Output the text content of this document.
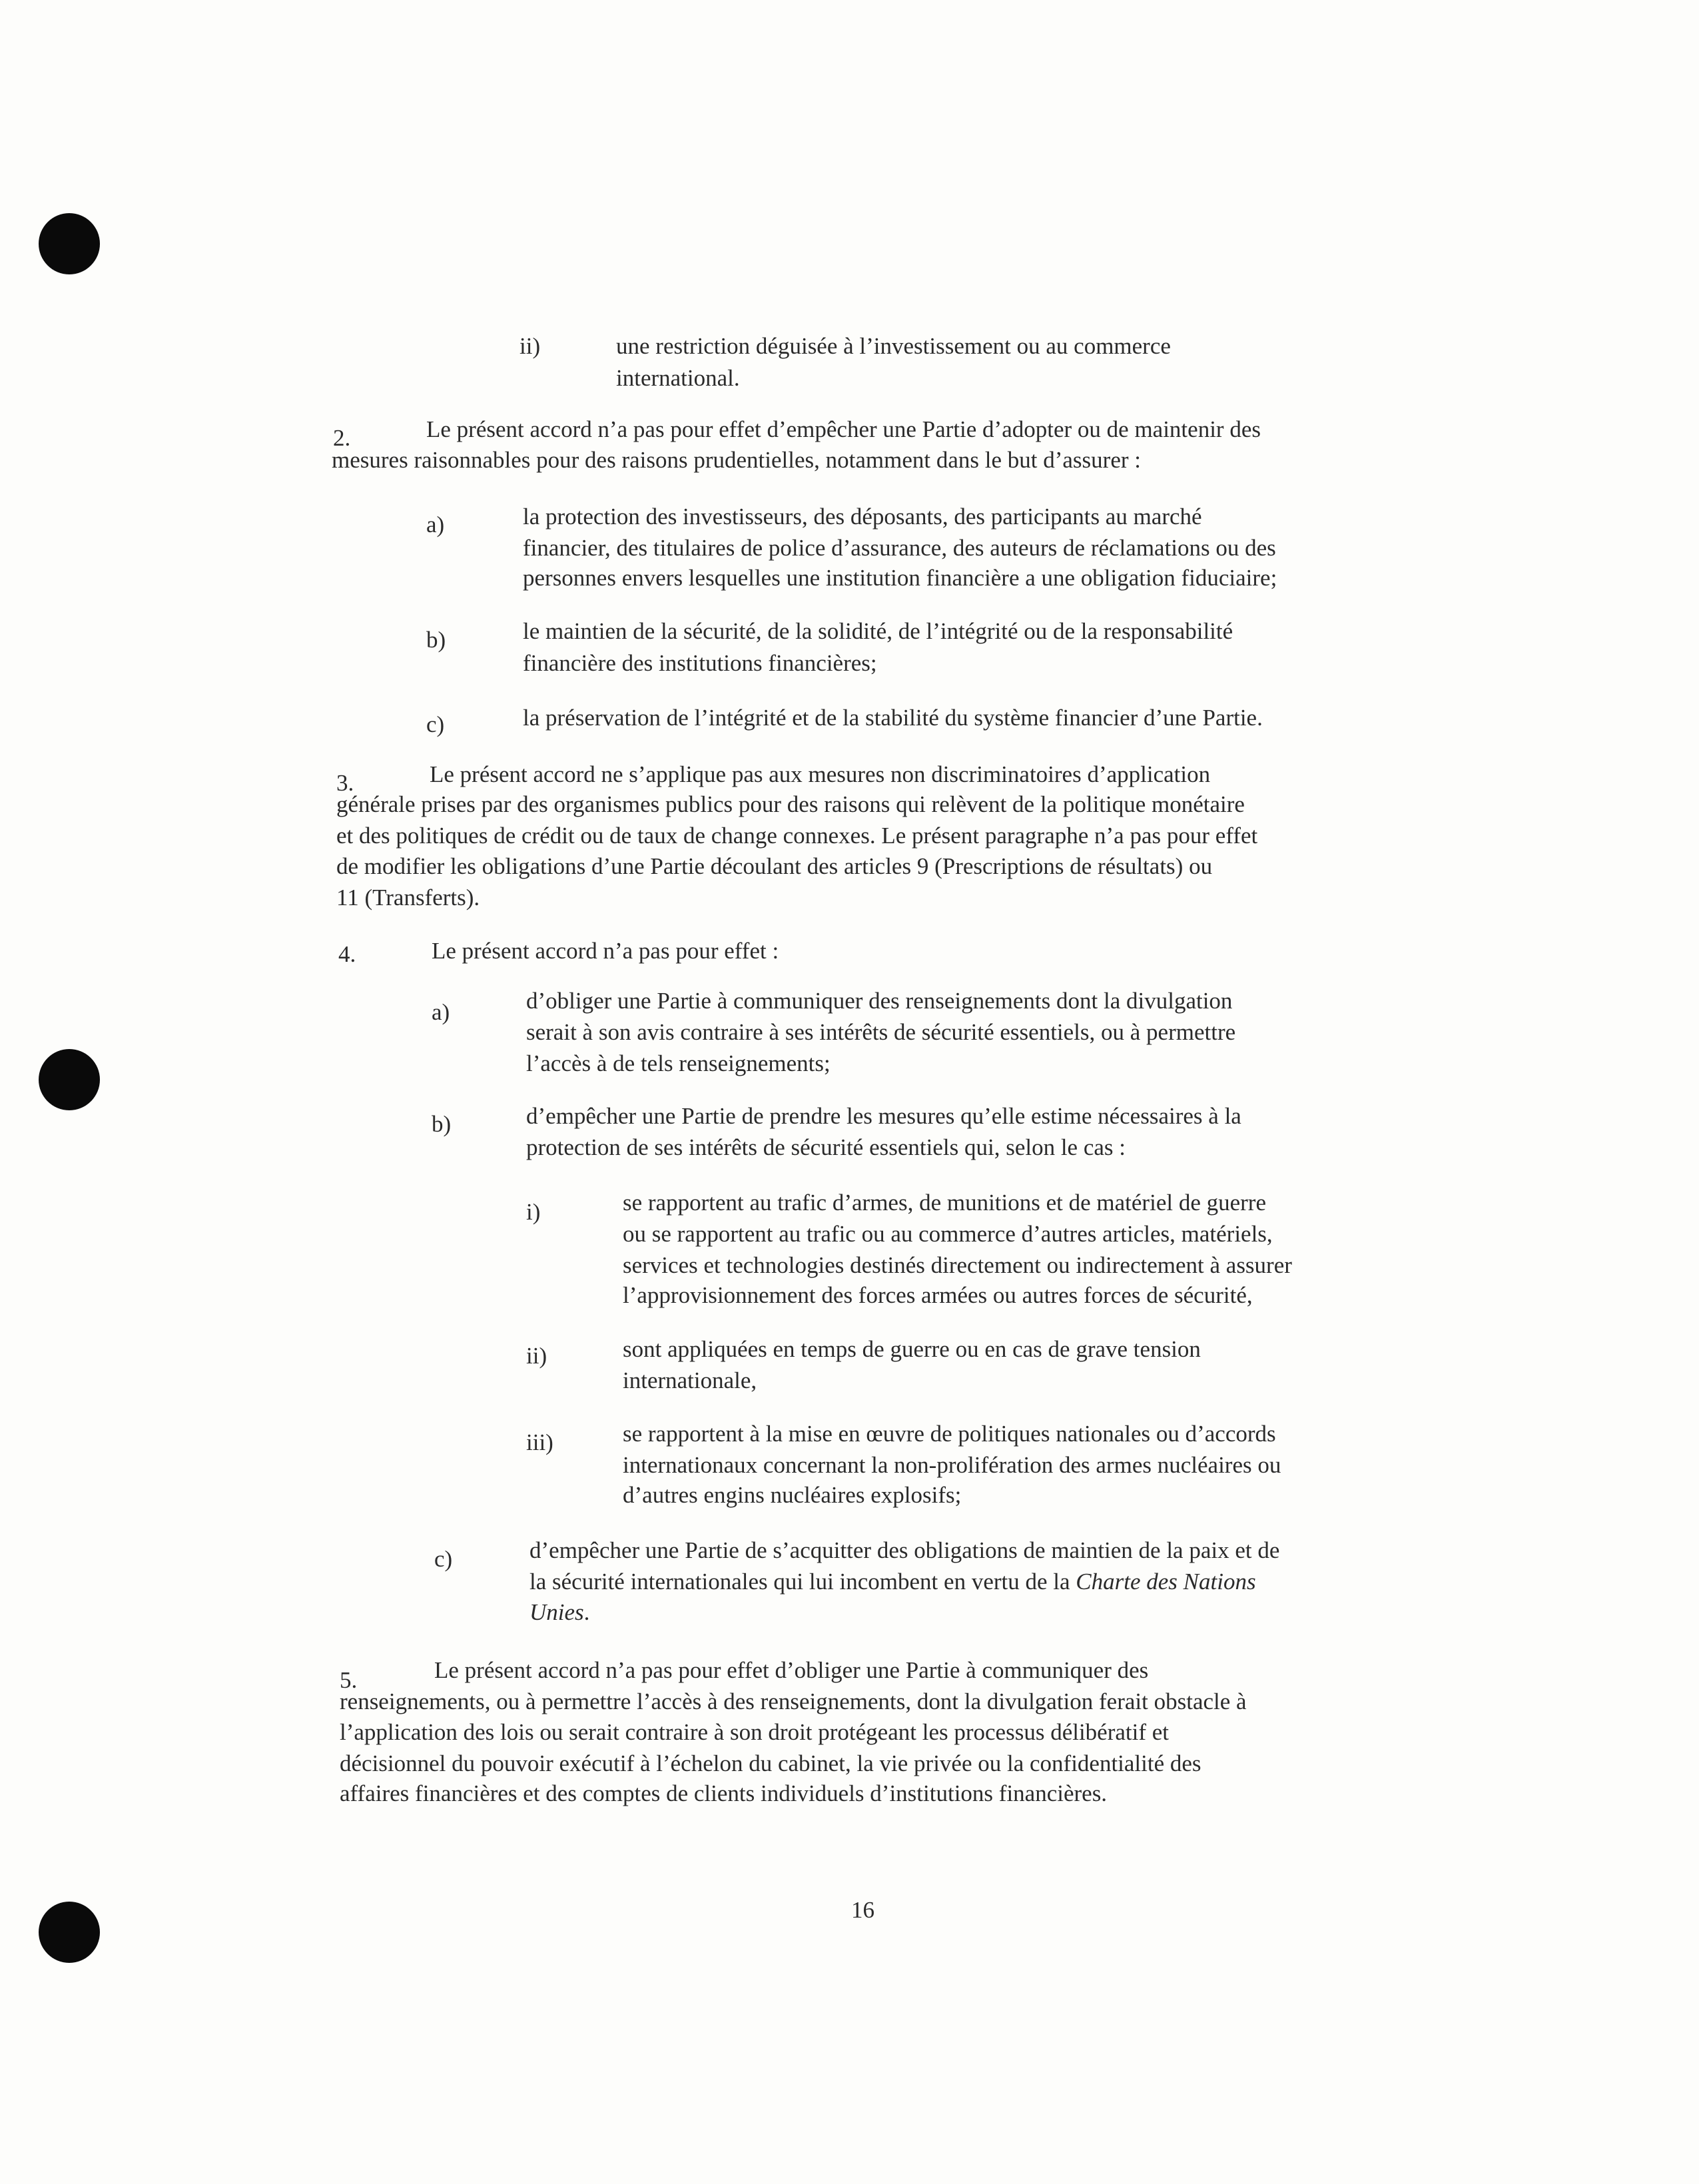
ii)	une restriction déguisée à l’investissement ou au commerce
international.
2.	Le présent accord n’a pas pour effet d’empêcher une Partie d’adopter ou de maintenir des
mesures raisonnables pour des raisons prudentielles, notamment dans le but d’assurer :
a)	la protection des investisseurs, des déposants, des participants au marché
financier, des titulaires de police d’assurance, des auteurs de réclamations ou des
personnes envers lesquelles une institution financière a une obligation fiduciaire;
b)	le maintien de la sécurité, de la solidité, de l’intégrité ou de la responsabilité
financière des institutions financières;
c)	la préservation de l’intégrité et de la stabilité du système financier d’une Partie.
3.	Le présent accord ne s’applique pas aux mesures non discriminatoires d’application
générale prises par des organismes publics pour des raisons qui relèvent de la politique monétaire
et des politiques de crédit ou de taux de change connexes. Le présent paragraphe n’a pas pour effet
de modifier les obligations d’une Partie découlant des articles 9 (Prescriptions de résultats) ou
11 (Transferts).
4.	Le présent accord n’a pas pour effet :
a)	d’obliger une Partie à communiquer des renseignements dont la divulgation
serait à son avis contraire à ses intérêts de sécurité essentiels, ou à permettre
l’accès à de tels renseignements;
b)	d’empêcher une Partie de prendre les mesures qu’elle estime nécessaires à la
protection de ses intérêts de sécurité essentiels qui, selon le cas :
i)	se rapportent au trafic d’armes, de munitions et de matériel de guerre
ou se rapportent au trafic ou au commerce d’autres articles, matériels,
services et technologies destinés directement ou indirectement à assurer
l’approvisionnement des forces armées ou autres forces de sécurité,
ii)	sont appliquées en temps de guerre ou en cas de grave tension
internationale,
iii)	se rapportent à la mise en œuvre de politiques nationales ou d’accords
internationaux concernant la non-prolifération des armes nucléaires ou
d’autres engins nucléaires explosifs;
c)	d’empêcher une Partie de s’acquitter des obligations de maintien de la paix et de
la sécurité internationales qui lui incombent en vertu de la Charte des Nations
Unies.
5.	Le présent accord n’a pas pour effet d’obliger une Partie à communiquer des
renseignements, ou à permettre l’accès à des renseignements, dont la divulgation ferait obstacle à
l’application des lois ou serait contraire à son droit protégeant les processus délibératif et
décisionnel du pouvoir exécutif à l’échelon du cabinet, la vie privée ou la confidentialité des
affaires financières et des comptes de clients individuels d’institutions financières.
16
